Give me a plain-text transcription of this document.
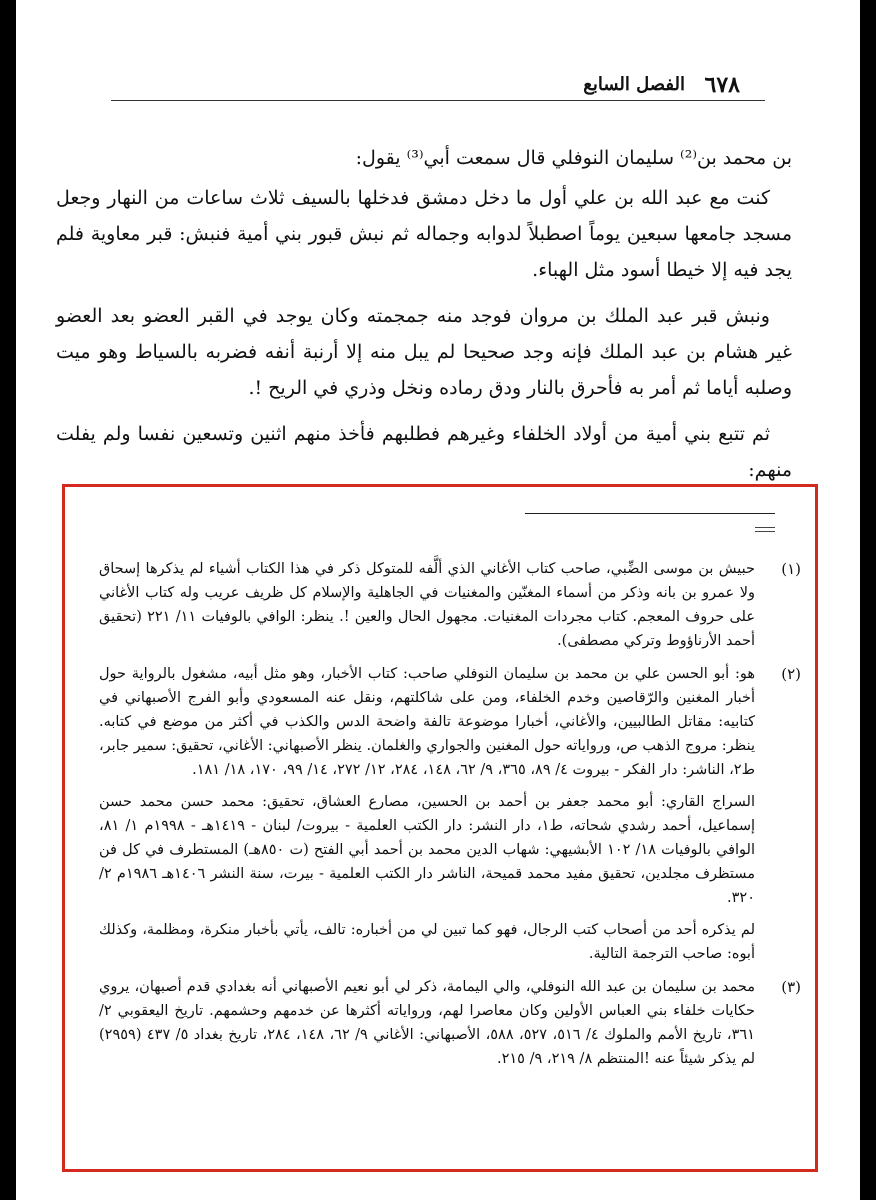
٦٧٨
الفصل السابع

بن محمد بن⁽²⁾ سليمان النوفلي قال سمعت أبي⁽³⁾ يقول:

كنت مع عبد الله بن علي أول ما دخل دمشق فدخلها بالسيف ثلاث ساعات من النهار وجعل مسجد جامعها سبعين يوماً اصطبلاً لدوابه وجماله ثم نبش قبور بني أمية فنبش: قبر معاوية فلم يجد فيه إلا خيطا أسود مثل الهباء.

ونبش قبر عبد الملك بن مروان فوجد منه جمجمته وكان يوجد في القبر العضو بعد العضو غير هشام بن عبد الملك فإنه وجد صحيحا لم يبل منه إلا أرنبة أنفه فضربه بالسياط وهو ميت وصلبه أياما ثم أمر به فأحرق بالنار ودق رماده ونخل وذري في الريح !.

ثم تتبع بني أمية من أولاد الخلفاء وغيرهم فطلبهم فأخذ منهم اثنين وتسعين نفسا ولم يفلت منهم:

(١)

حبيش بن موسى الضِّبي، صاحب كتاب الأغاني الذي ألَّفه للمتوكل ذكر في هذا الكتاب أشياء لم يذكرها إسحاق ولا عمرو بن بانه وذكر من أسماء المغنّين والمغنيات في الجاهلية والإسلام كل ظريف عريب وله كتاب الأغاني على حروف المعجم. كتاب مجردات المغنيات. مجهول الحال والعين !. ينظر: الوافي بالوفيات ١١/ ٢٢١ (تحقيق أحمد الأرناؤوط وتركي مصطفى).

(٢)

هو: أبو الحسن علي بن محمد بن سليمان النوفلي صاحب: كتاب الأخبار، وهو مثل أبيه، مشغول بالرواية حول أخبار المغنين والرّقاصين وخدم الخلفاء، ومن على شاكلتهم، ونقل عنه المسعودي وأبو الفرج الأصبهاني في كتابيه: مقاتل الطالبيين، والأغاني، أخبارا موضوعة تالفة واضحة الدس والكذب في أكثر من موضع في كتابه. ينظر: مروج الذهب ص، ورواياته حول المغنين والجواري والغلمان. ينظر الأصبهاني: الأغاني، تحقيق: سمير جابر، ط٢، الناشر: دار الفكر - بيروت ٤/ ٨٩، ٣٦٥، ٩/ ٦٢، ١٤٨، ٢٨٤، ١٢/ ٢٧٢، ١٤/ ٩٩، ١٧٠، ١٨/ ١٨١.

السراج القاري: أبو محمد جعفر بن أحمد بن الحسين، مصارع العشاق، تحقيق: محمد حسن محمد حسن إسماعيل، أحمد رشدي شحاته، ط١، دار النشر: دار الكتب العلمية - بيروت/ لبنان - ١٤١٩هـ - ١٩٩٨م ١/ ٨١، الوافي بالوفيات ١٨/ ١٠٢ الأبشيهي: شهاب الدين محمد بن أحمد أبي الفتح (ت ٨٥٠هـ) المستطرف في كل فن مستظرف مجلدين، تحقيق مفيد محمد قميحة، الناشر دار الكتب العلمية - بيرت، سنة النشر ١٤٠٦هـ ١٩٨٦م ٢/ ٣٢٠.

لم يذكره أحد من أصحاب كتب الرجال، فهو كما تبين لي من أخباره: تالف، يأتي بأخبار منكرة، ومظلمة، وكذلك أبوه: صاحب الترجمة التالية.

(٣)

محمد بن سليمان بن عبد الله النوفلي، والي اليمامة، ذكر لي أبو نعيم الأصبهاني أنه بغدادي قدم أصبهان، يروي حكايات خلفاء بني العباس الأولين وكان معاصرا لهم، ورواياته أكثرها عن خدمهم وحشمهم. تاريخ اليعقوبي ٢/ ٣٦١، تاريخ الأمم والملوك ٤/ ٥١٦، ٥٢٧، ٥٨٨، الأصبهاني: الأغاني ٩/ ٦٢، ١٤٨، ٢٨٤، تاريخ بغداد ٥/ ٤٣٧ (٢٩٥٩) لم يذكر شيئاً عنه !المنتظم ٨/ ٢١٩، ٩/ ٢١٥.
